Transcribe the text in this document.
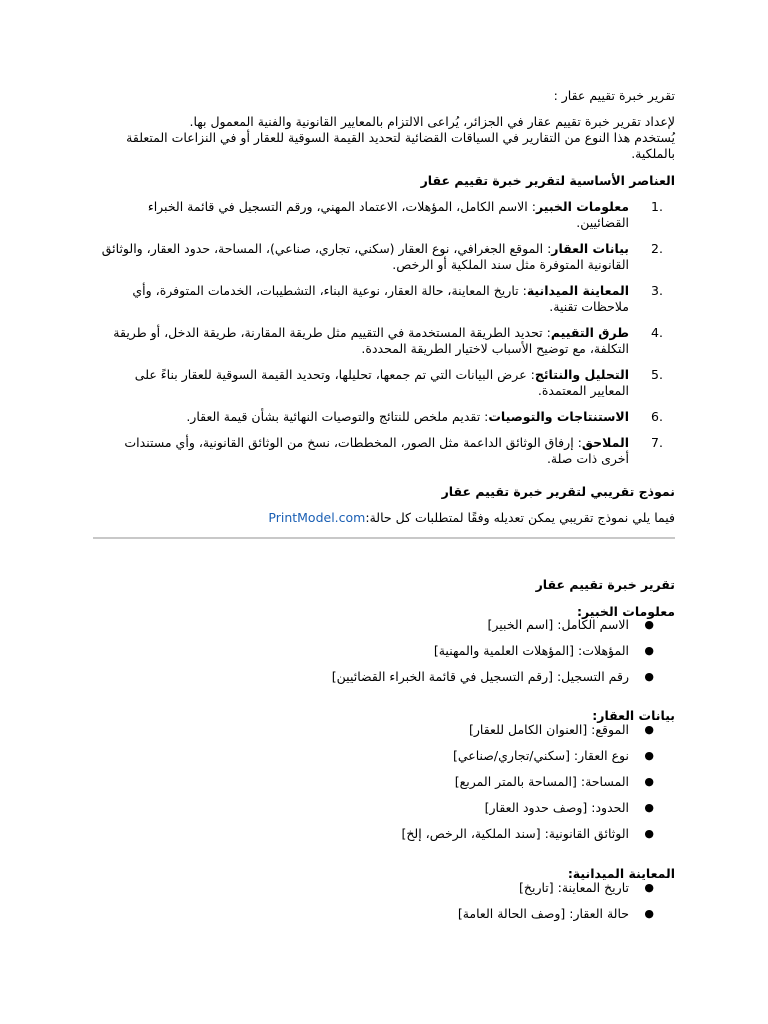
تقرير خبرة تقييم عقار :

لإعداد تقرير خبرة تقييم عقار في الجزائر، يُراعى الالتزام بالمعايير القانونية والفنية المعمول بها.

يُستخدم هذا النوع من التقارير في السياقات القضائية لتحديد القيمة السوقية للعقار أو في النزاعات المتعلقة بالملكية.

العناصر الأساسية لتقرير خبرة تقييم عقار

1.
معلومات الخبير: الاسم الكامل، المؤهلات، الاعتماد المهني، ورقم التسجيل في قائمة الخبراء القضائيين.
2.
بيانات العقار: الموقع الجغرافي، نوع العقار (سكني، تجاري، صناعي)، المساحة، حدود العقار، والوثائق القانونية المتوفرة مثل سند الملكية أو الرخص.
3.
المعاينة الميدانية: تاريخ المعاينة، حالة العقار، نوعية البناء، التشطيبات، الخدمات المتوفرة، وأي ملاحظات تقنية.
4.
طرق التقييم: تحديد الطريقة المستخدمة في التقييم مثل طريقة المقارنة، طريقة الدخل، أو طريقة التكلفة، مع توضيح الأسباب لاختيار الطريقة المحددة.
5.
التحليل والنتائج: عرض البيانات التي تم جمعها، تحليلها، وتحديد القيمة السوقية للعقار بناءً على المعايير المعتمدة.
6.
الاستنتاجات والتوصيات: تقديم ملخص للنتائج والتوصيات النهائية بشأن قيمة العقار.
7.
الملاحق: إرفاق الوثائق الداعمة مثل الصور، المخططات، نسخ من الوثائق القانونية، وأي مستندات أخرى ذات صلة.

نموذج تقريبي لتقرير خبرة تقييم عقار

فيما يلي نموذج تقريبي يمكن تعديله وفقًا لمتطلبات كل حالة:PrintModel.com

تقرير خبرة تقييم عقار

معلومات الخبير:

●
الاسم الكامل: [اسم الخبير]
●
المؤهلات: [المؤهلات العلمية والمهنية]
●
رقم التسجيل: [رقم التسجيل في قائمة الخبراء القضائيين]

بيانات العقار:

●
الموقع: [العنوان الكامل للعقار]
●
نوع العقار: [سكني/تجاري/صناعي]
●
المساحة: [المساحة بالمتر المربع]
●
الحدود: [وصف حدود العقار]
●
الوثائق القانونية: [سند الملكية، الرخص، إلخ]

المعاينة الميدانية:

●
تاريخ المعاينة: [تاريخ]
●
حالة العقار: [وصف الحالة العامة]
